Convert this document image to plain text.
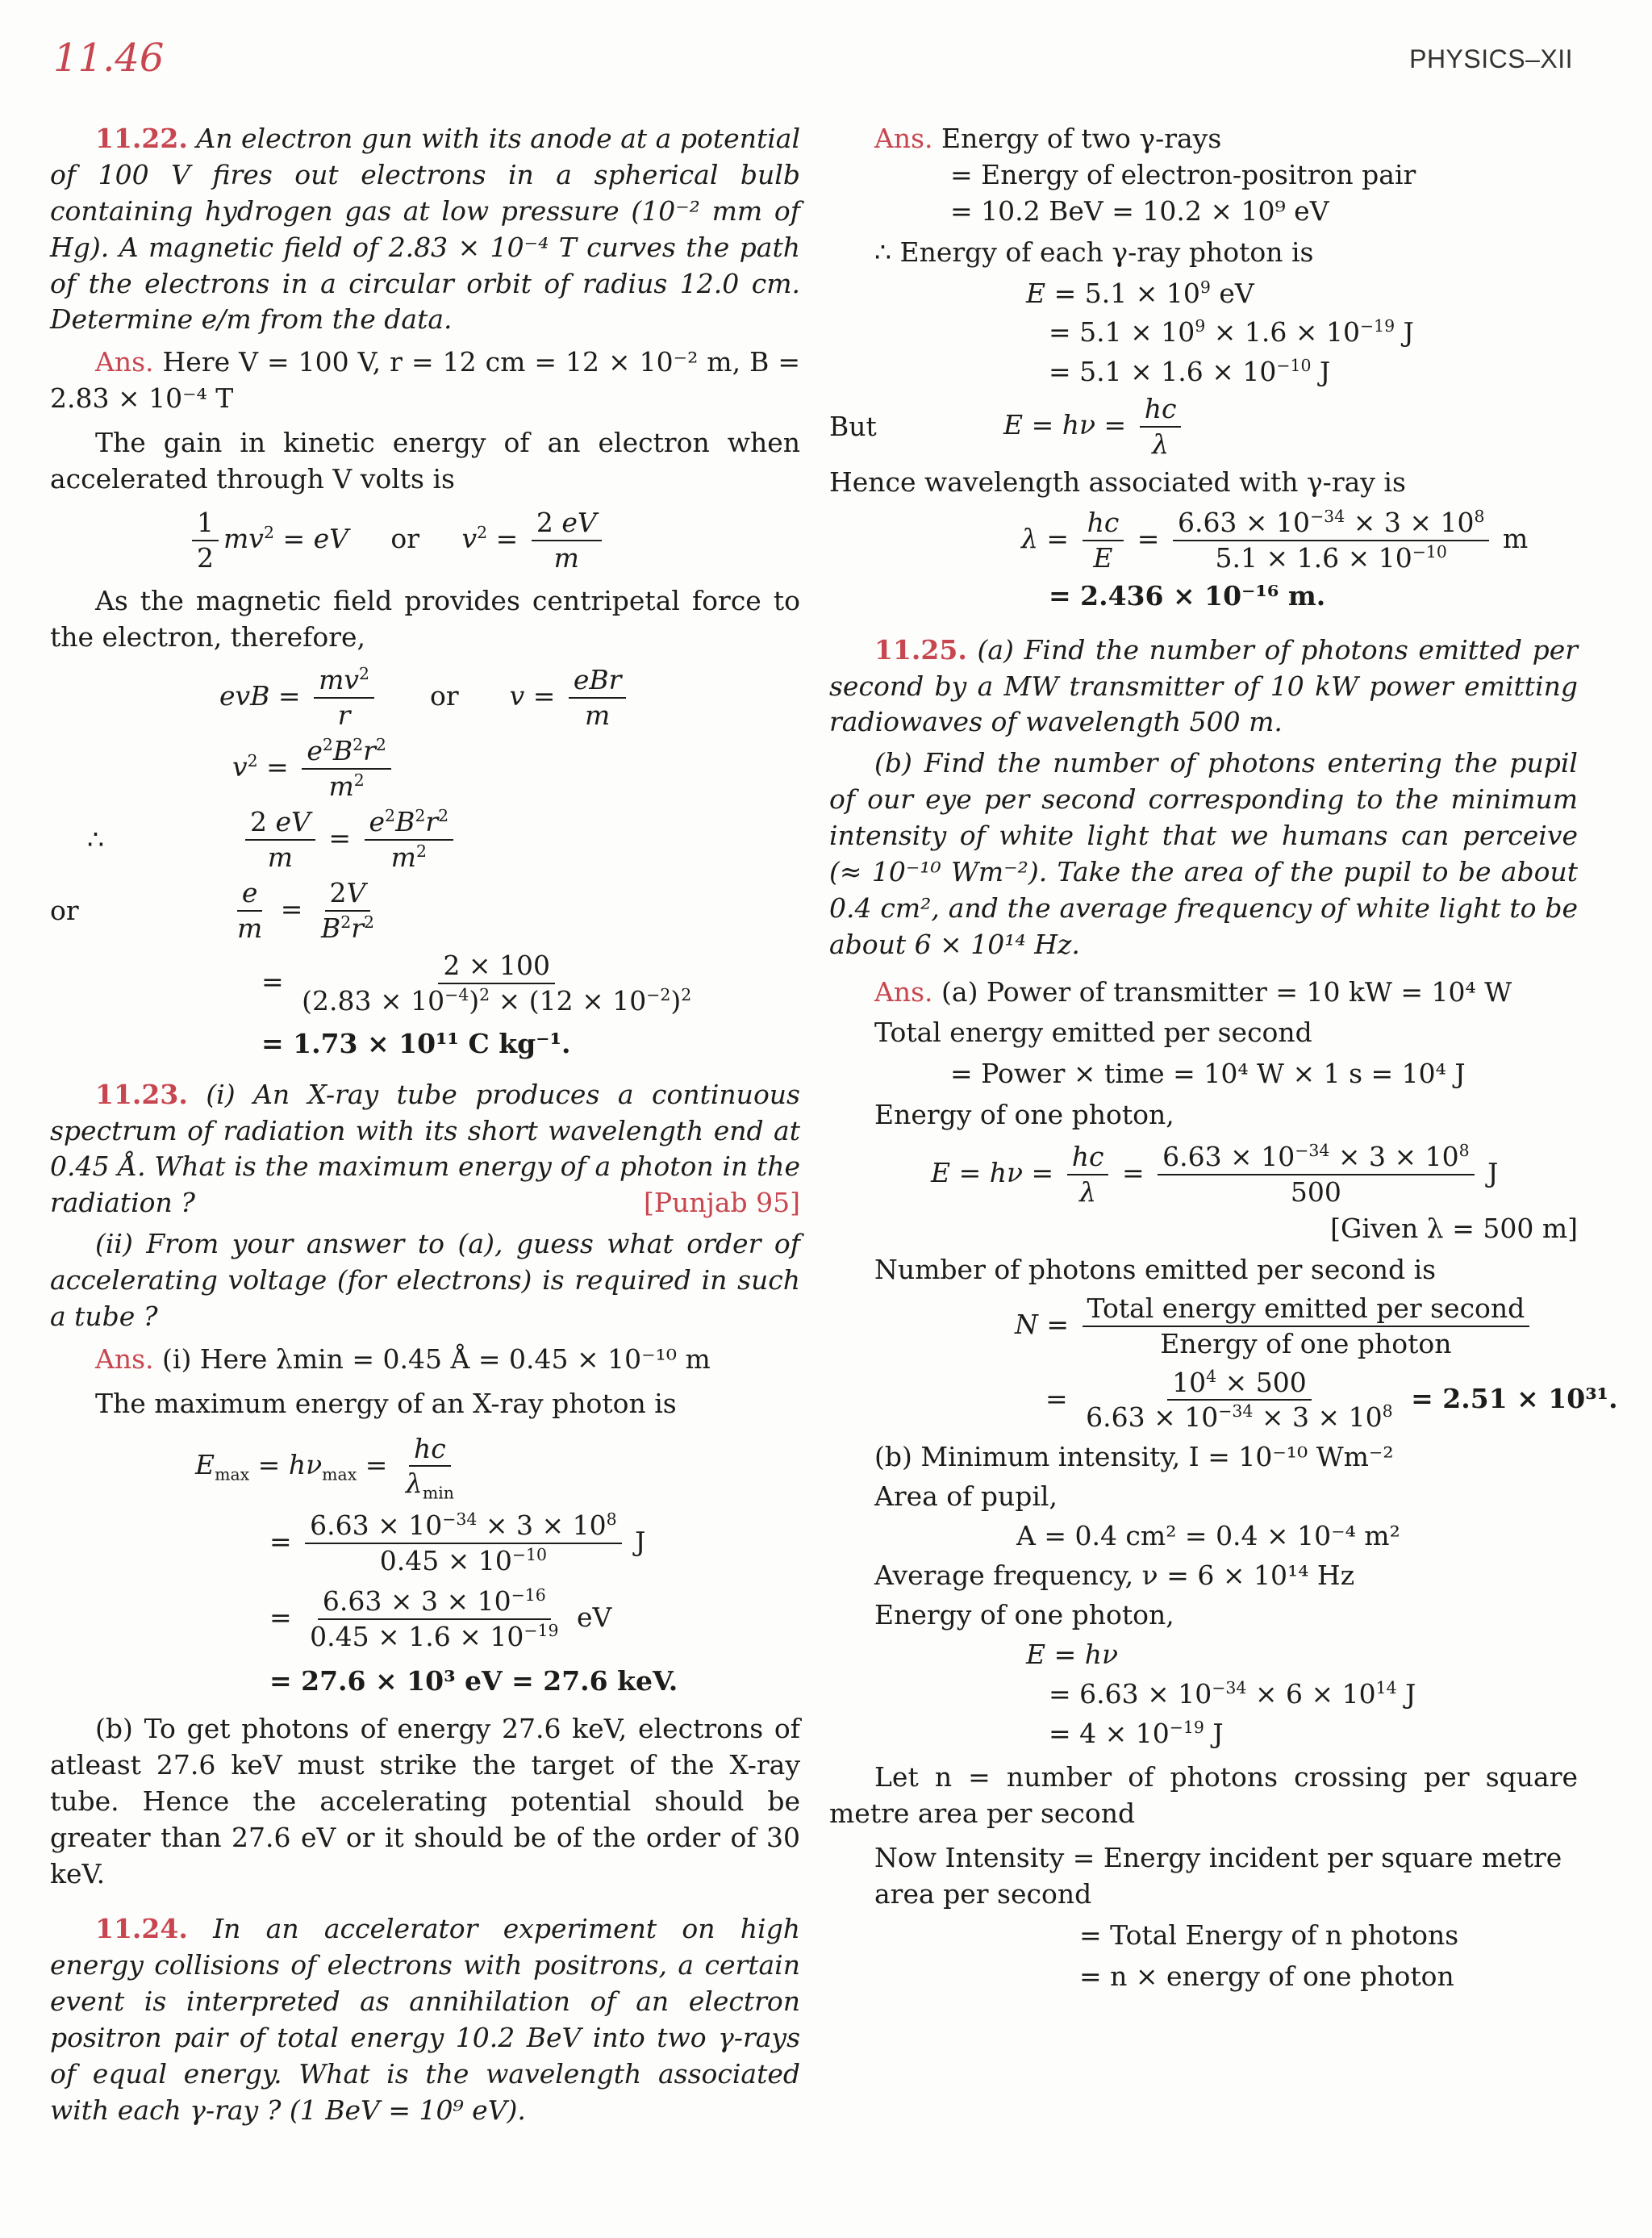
11.46	PHYSICS–XII

11.22. An electron gun with its anode at a potential of 100 V fires out electrons in a spherical bulb containing hydrogen gas at low pressure (10⁻² mm of Hg). A magnetic field of 2.83 × 10⁻⁴ T curves the path of the electrons in a circular orbit of radius 12.0 cm. Determine e/m from the data.

Ans. Here V = 100 V, r = 12 cm = 12 × 10⁻² m, B = 2.83 × 10⁻⁴ T

The gain in kinetic energy of an electron when accelerated through V volts is

$\frac{1}{2} mv^2$ = eV     or     $v^2 = \frac{2 eV}{m}$

As the magnetic field provides centripetal force to the electron, therefore,

evB = $\frac{mv^2}{r}$ or      $v = \frac{\text{eBr}}{m}$
$v^2 = \frac{e^2B^2r^2}{m^2}$
∴	$\frac{2 eV}{m} = \frac{e^2B^2r^2}{m^2}$
or	$\frac{e}{m} = \frac{2V}{B^2r^2}$
= $\frac{2 \times 100}{(2.83 \times 10^{-4})^2 \times (12 \times 10^{-2})^2}$
= 1.73 × 10¹¹ C kg⁻¹.

11.23. (i) An X-ray tube produces a continuous spectrum of radiation with its short wavelength end at 0.45 Å. What is the maximum energy of a photon in the radiation ?	[Punjab 95]

(ii) From your answer to (a), guess what order of accelerating voltage (for electrons) is required in such a tube ?

Ans. (i) Here λmin = 0.45 Å = 0.45 × 10⁻¹⁰ m

The maximum energy of an X-ray photon is

$E_{max} = h\nu_{max} = \frac{hc}{\lambda_{min}}$
= $\frac{6.63 \times 10^{-34} \times 3 \times 10^8}{0.45 \times 10^{-10}}$ J
= $\frac{6.63 \times 3 \times 10^{-16}}{0.45 \times 1.6 \times 10^{-19}}$ eV
= 27.6 × 10³ eV = 27.6 keV.

(b) To get photons of energy 27.6 keV, electrons of atleast 27.6 keV must strike the target of the X-ray tube. Hence the accelerating potential should be greater than 27.6 eV or it should be of the order of 30 keV.

11.24. In an accelerator experiment on high energy collisions of electrons with positrons, a certain event is interpreted as annihilation of an electron positron pair of total energy 10.2 BeV into two γ-rays of equal energy. What is the wavelength associated with each γ-ray ? (1 BeV = 10⁹ eV).

Ans. Energy of two γ-rays

= Energy of electron-positron pair

= 10.2 BeV = 10.2 × 10⁹ eV

∴ Energy of each γ-ray photon is

$E = 5.1 \times 10^9$ eV
= $5.1 \times 10^9 \times 1.6 \times 10^{-19}$ J
= $5.1 \times 1.6 \times 10^{-10}$ J
But	$E = h\nu = \frac{hc}{\lambda}$

Hence wavelength associated with γ-ray is

$\lambda = \frac{hc}{E} = \frac{6.63 \times 10^{-34} \times 3 \times 10^8}{5.1 \times 1.6 \times 10^{-10}}$ m
= 2.436 × 10⁻¹⁶ m.

11.25. (a) Find the number of photons emitted per second by a MW transmitter of 10 kW power emitting radiowaves of wavelength 500 m.

(b) Find the number of photons entering the pupil of our eye per second corresponding to the minimum intensity of white light that we humans can perceive (≈ 10⁻¹⁰ Wm⁻²). Take the area of the pupil to be about 0.4 cm², and the average frequency of white light to be about 6 × 10¹⁴ Hz.

Ans. (a) Power of transmitter = 10 kW = 10⁴ W

Total energy emitted per second

= Power × time = 10⁴ W × 1 s = 10⁴ J

Energy of one photon,

$E = h\nu = \frac{hc}{\lambda} = \frac{6.63 \times 10^{-34} \times 3 \times 10^8}{500}$ J

[Given λ = 500 m]

Number of photons emitted per second is

$N = \frac{\text{Total energy emitted per second}}{\text{Energy of one photon}}$
= $\frac{10^4 \times 500}{6.63 \times 10^{-34} \times 3 \times 10^8} = 2.51 \times 10^{31}$.

(b) Minimum intensity, I = 10⁻¹⁰ Wm⁻²

Area of pupil,

A = 0.4 cm² = 0.4 × 10⁻⁴ m²

Average frequency, ν = 6 × 10¹⁴ Hz

Energy of one photon,

E = hν
= $6.63 \times 10^{-34} \times 6 \times 10^{14}$ J
= $4 \times 10^{-19}$ J

Let n = number of photons crossing per square metre area per second

Now Intensity = Energy incident per square metre area per second

= Total Energy of n photons

= n × energy of one photon
